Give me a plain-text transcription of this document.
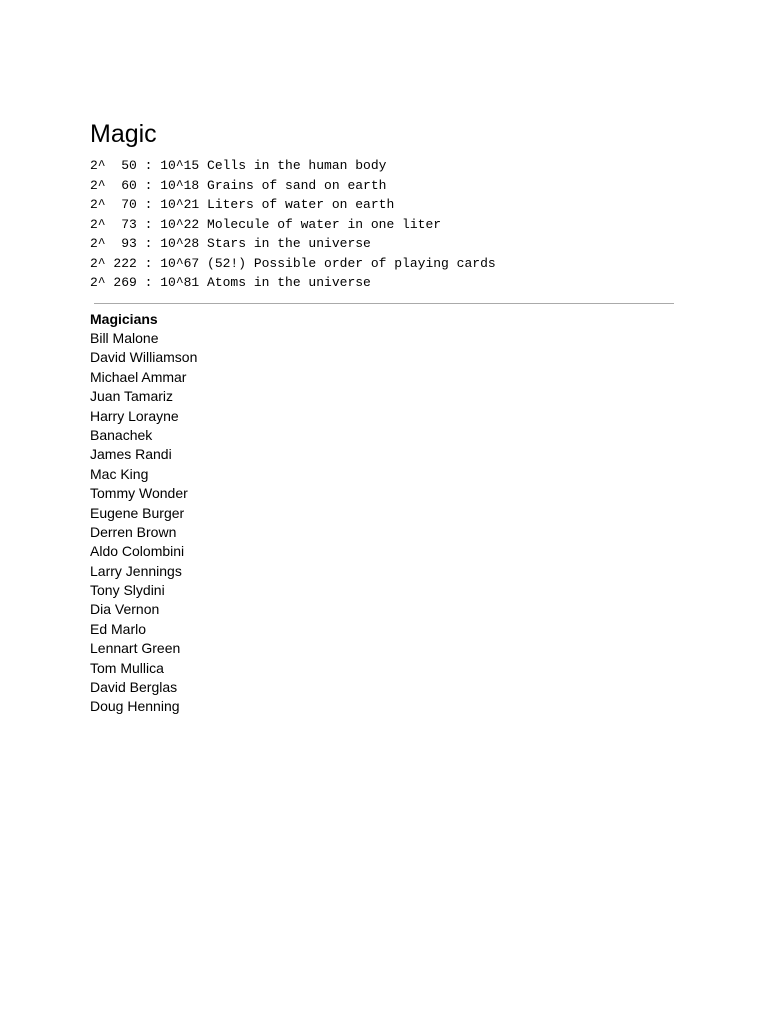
Magic
2^  50 : 10^15 Cells in the human body
2^  60 : 10^18 Grains of sand on earth
2^  70 : 10^21 Liters of water on earth
2^  73 : 10^22 Molecule of water in one liter
2^  93 : 10^28 Stars in the universe
2^ 222 : 10^67 (52!) Possible order of playing cards
2^ 269 : 10^81 Atoms in the universe
Magicians
Bill Malone
David Williamson
Michael Ammar
Juan Tamariz
Harry Lorayne
Banachek
James Randi
Mac King
Tommy Wonder
Eugene Burger
Derren Brown
Aldo Colombini
Larry Jennings
Tony Slydini
Dia Vernon
Ed Marlo
Lennart Green
Tom Mullica
David Berglas
Doug Henning
